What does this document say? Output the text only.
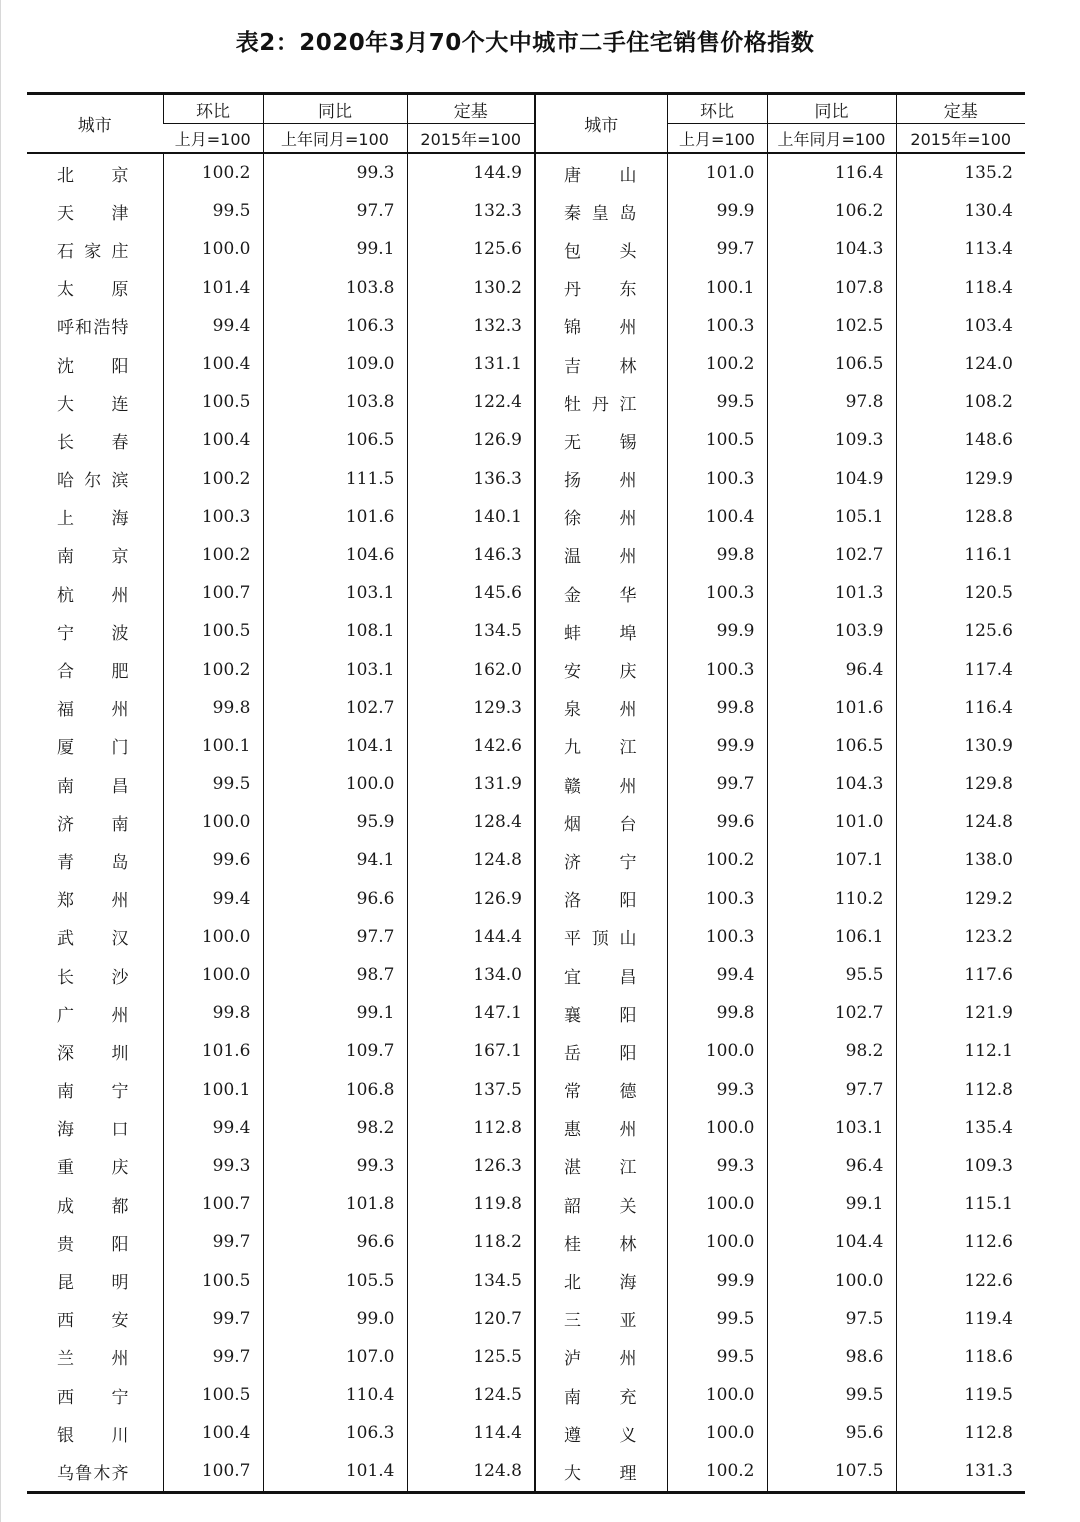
表2：2020年3月70个大中城市二手住宅销售价格指数
城市	环比	同比	定基	城市	环比	同比	定基
	上月=100	上年同月=100	2015年=100		上月=100	上年同月=100	2015年=100
北京	100.2	99.3	144.9	唐山	101.0	116.4	135.2
天津	99.5	97.7	132.3	秦皇岛	99.9	106.2	130.4
石家庄	100.0	99.1	125.6	包头	99.7	104.3	113.4
太原	101.4	103.8	130.2	丹东	100.1	107.8	118.4
呼和浩特	99.4	106.3	132.3	锦州	100.3	102.5	103.4
沈阳	100.4	109.0	131.1	吉林	100.2	106.5	124.0
大连	100.5	103.8	122.4	牡丹江	99.5	97.8	108.2
长春	100.4	106.5	126.9	无锡	100.5	109.3	148.6
哈尔滨	100.2	111.5	136.3	扬州	100.3	104.9	129.9
上海	100.3	101.6	140.1	徐州	100.4	105.1	128.8
南京	100.2	104.6	146.3	温州	99.8	102.7	116.1
杭州	100.7	103.1	145.6	金华	100.3	101.3	120.5
宁波	100.5	108.1	134.5	蚌埠	99.9	103.9	125.6
合肥	100.2	103.1	162.0	安庆	100.3	96.4	117.4
福州	99.8	102.7	129.3	泉州	99.8	101.6	116.4
厦门	100.1	104.1	142.6	九江	99.9	106.5	130.9
南昌	99.5	100.0	131.9	赣州	99.7	104.3	129.8
济南	100.0	95.9	128.4	烟台	99.6	101.0	124.8
青岛	99.6	94.1	124.8	济宁	100.2	107.1	138.0
郑州	99.4	96.6	126.9	洛阳	100.3	110.2	129.2
武汉	100.0	97.7	144.4	平顶山	100.3	106.1	123.2
长沙	100.0	98.7	134.0	宜昌	99.4	95.5	117.6
广州	99.8	99.1	147.1	襄阳	99.8	102.7	121.9
深圳	101.6	109.7	167.1	岳阳	100.0	98.2	112.1
南宁	100.1	106.8	137.5	常德	99.3	97.7	112.8
海口	99.4	98.2	112.8	惠州	100.0	103.1	135.4
重庆	99.3	99.3	126.3	湛江	99.3	96.4	109.3
成都	100.7	101.8	119.8	韶关	100.0	99.1	115.1
贵阳	99.7	96.6	118.2	桂林	100.0	104.4	112.6
昆明	100.5	105.5	134.5	北海	99.9	100.0	122.6
西安	99.7	99.0	120.7	三亚	99.5	97.5	119.4
兰州	99.7	107.0	125.5	泸州	99.5	98.6	118.6
西宁	100.5	110.4	124.5	南充	100.0	99.5	119.5
银川	100.4	106.3	114.4	遵义	100.0	95.6	112.8
乌鲁木齐	100.7	101.4	124.8	大理	100.2	107.5	131.3
